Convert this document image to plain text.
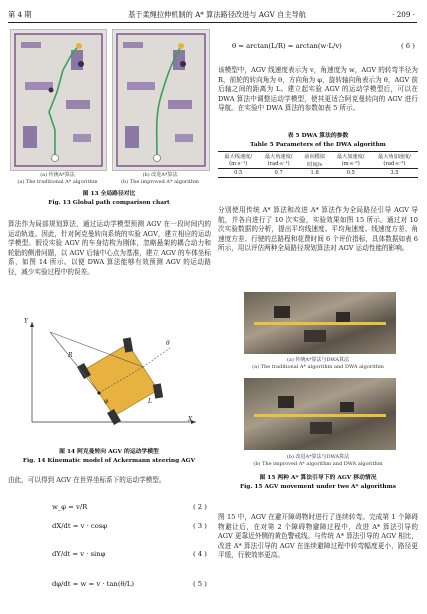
第 4 期	基于柔绳拉伸机制的 A* 算法路径改进与 AGV 自主导航	· 209 ·
(a) 传统A*算法
(a) The traditional A* algorithm
(b) 改进A*算法
(b) The improved A* algorithm
图 13 全局路径对比
Fig. 13 Global path comparison chart
算法作为局部规划算法，通过运动学模型预测 AGV 在一段时间内的运动轨迹。因此，针对阿克曼转向系统的实验 AGV，建立相应的运动学模型。假设实验 AGV 的车身结构为刚体，忽略悬架的耦合动力和轮胎的侧滑问题，以 AGV 后轴中心点为基准，建立 AGV 的车体坐标系，如图 14 所示。以便 DWA 算法能够有效预测 AGV 的运动路径，减少实验过程中的误差。
Y
X
R
θ
φ	L
图 14 阿克曼转向 AGV 的运动学模型
Fig. 14 Kinematic model of Ackermann steering AGV
由此，可以得到 AGV 在世界坐标系下的运动学模型。
w_φ = v/R	( 2 )
dX/dt = v · cosφ	( 3 )
dY/dt = v · sinφ	( 4 )
dφ/dt = w = v · tan(θ/L)	( 5 )
θ = arctan(L/R) = arctan(w·L/v)	( 6 )
该模型中，AGV 线速度表示为 v，角速度为 w，AGV 的转弯半径为 R，前轮的转向角为 θ，方向角为 φ，旋转轴向角表示为 θ，AGV 前后轴之间的距离为 L。建立起实验 AGV 的运动学模型后，可以在 DWA 算法中调整运动学模型，使其更适合阿克曼转向的 AGV 进行导航。在实验中 DWA 算法的参数如表 5 所示。
表 5 DWA 算法的参数
Table 5 Parameters of the DWA algorithm
最大线速度/	最大角速度/	前向模拟	最大加速度/	最大角加速度/
(m·s⁻¹)	(rad·s⁻¹)	时间/s	(m·s⁻²)	(rad·s⁻²)
0.5	0.7	1.8	0.5	3.5
分别使用传统 A* 算法和改进 A* 算法作为全局路径引导 AGV 导航，并各自进行了 10 次实验，实验效果如图 15 所示。通过对 10 次实验数据的分析，提出平均线速度、平均角速度、线速度方差、角速度方差、行驶的总路程和花费时间 6 个评价指标，具体数据如表 6 所示，用以评估两种全局路径规划算法对 AGV 运动性能的影响。
(a) 传统A*算法与DWA算法
(a) The traditional A* algorithm and DWA algorithm
(b) 改进A*算法与DWA算法
(b) The improved A* algorithm and DWA algorithm
图 15 两种 A* 算法引导下的 AGV 移动情况
Fig. 15 AGV movement under two A* algorithms
图 15 中，AGV 在避开障碍物时进行了连续转弯。完成第 1 个障碍物避让后，在对第 2 个障碍物避障过程中，改进 A* 算法引导的 AGV 更靠近外侧的黄色警戒线。与传统 A* 算法引导的 AGV 相比，改进 A* 算法引导的 AGV 在连续避障过程中转弯幅度更小，路径更平缓，行驶效率更高。
